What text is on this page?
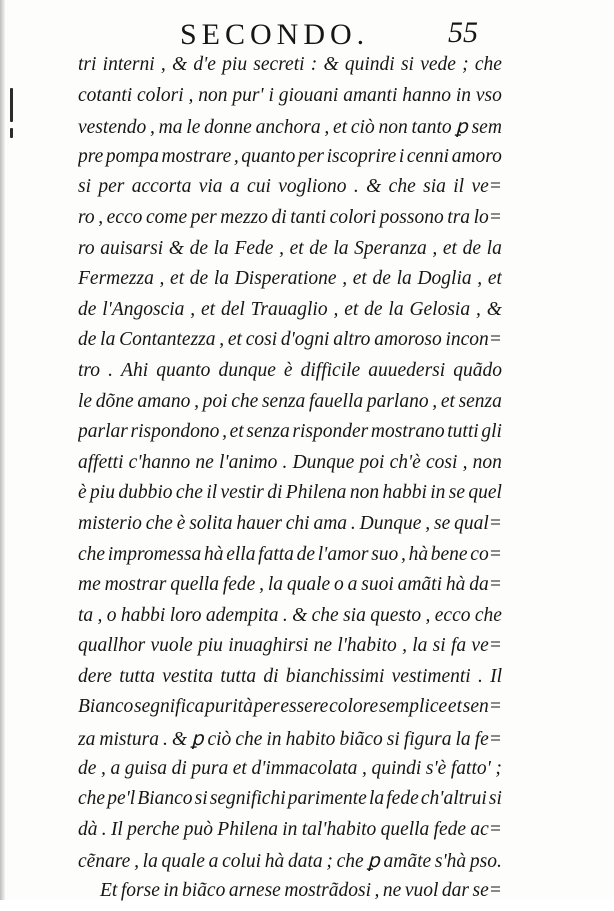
SECONDO.	55
tri interni , & d'e piu secreti : & quindi si vede ; che
cotanti colori , non pur' i giouani amanti hanno in vso
vestendo , ma le donne anchora , et ciò non tanto ꝑ sem
pre pompa mostrare , quanto per iscoprire i cenni amoro
si per accorta via a cui vogliono . & che sia il ve=
ro , ecco come per mezzo di tanti colori possono tra lo=
ro auisarsi & de la Fede , et de la Speranza , et de la
Fermezza , et de la Disperatione , et de la Doglia , et
de l'Angoscia , et del Trauaglio , et de la Gelosia , &
de la Contantezza , et cosi d'ogni altro amoroso incon=
tro . Ahi quanto dunque è difficile auuedersi quãdo
le dõne amano , poi che senza fauella parlano , et senza
parlar rispondono , et senza risponder mostrano tutti gli
affetti c'hanno ne l'animo . Dunque poi ch'è cosi , non
è piu dubbio che il vestir di Philena non habbi in se quel
misterio che è solita hauer chi ama . Dunque , se qual=
che impromessa hà ella fatta de l'amor suo , hà bene co=
me mostrar quella fede , la quale o a suoi amãti hà da=
ta , o habbi loro adempita . & che sia questo , ecco che
quallhor vuole piu inuaghirsi ne l'habito , la si fa ve=
dere tutta vestita tutta di bianchissimi vestimenti . Il
Bianco segnifica purità per essere colore semplice et sen=
za mistura . & ꝑ ciò che in habito biãco si figura la fe=
de , a guisa di pura et d'immacolata , quindi s'è fatto' ;
che pe'l Bianco si segnifichi parimente la fede ch'altrui si
dà . Il perche può Philena in tal'habito quella fede ac=
cẽnare , la quale a colui hà data ; che ꝑ amãte s'hà pso.
Et forse in biãco arnese mostrãdosi , ne vuol dar se=
